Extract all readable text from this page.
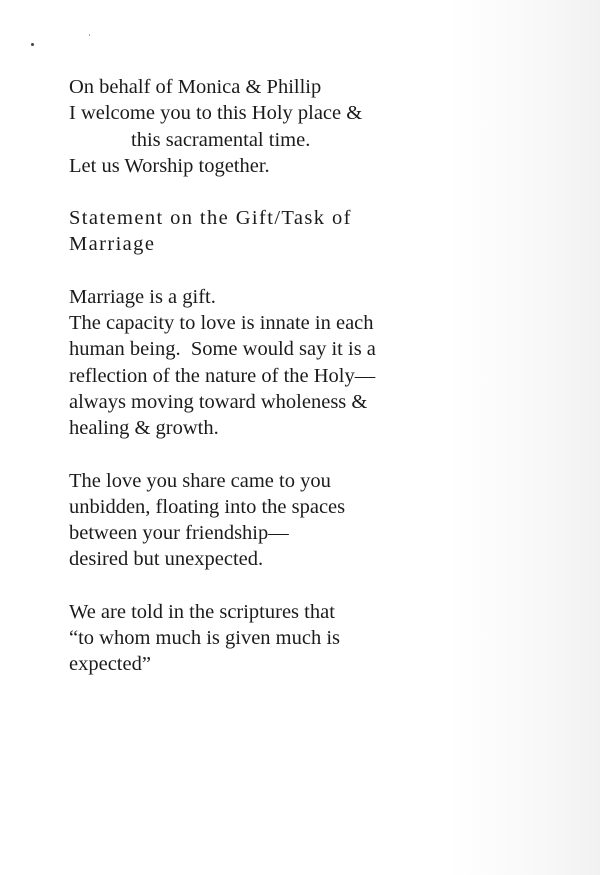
On behalf of Monica & Phillip
I welcome you to this Holy place &
this sacramental time.
Let us Worship together.
Statement on the Gift/Task of
Marriage
Marriage is a gift.
The capacity to love is innate in each
human being.  Some would say it is a
reflection of the nature of the Holy—
always moving toward wholeness &
healing & growth.
The love you share came to you
unbidden, floating into the spaces
between your friendship—
desired but unexpected.
We are told in the scriptures that
“to whom much is given much is
expected”
